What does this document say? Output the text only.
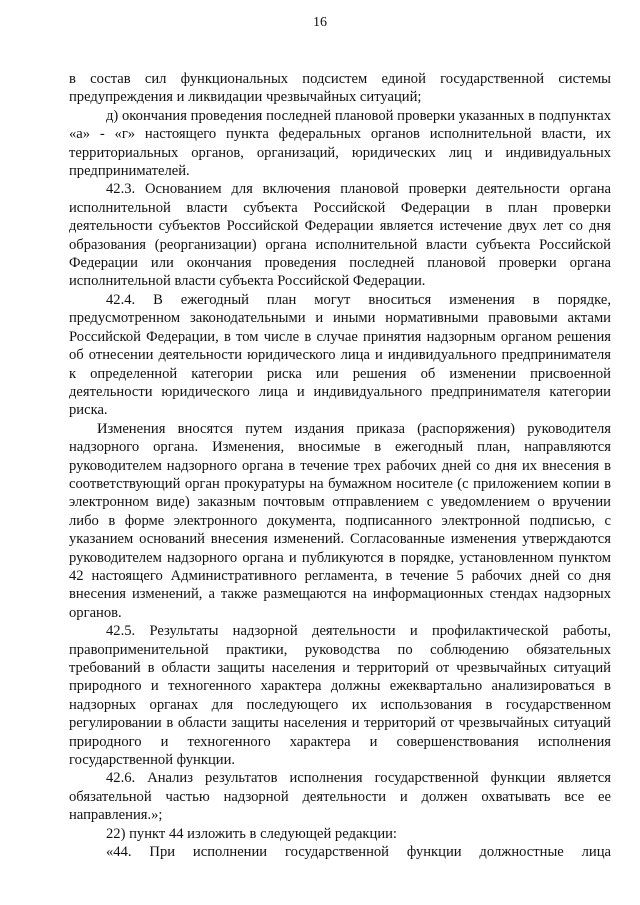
16

в состав сил функциональных подсистем единой государственной системы предупреждения и ликвидации чрезвычайных ситуаций;

д) окончания проведения последней плановой проверки указанных в подпунктах «а» - «г» настоящего пункта федеральных органов исполнительной власти, их территориальных органов, организаций, юридических лиц и индивидуальных предпринимателей.

42.3. Основанием для включения плановой проверки деятельности органа исполнительной власти субъекта Российской Федерации в план проверки деятельности субъектов Российской Федерации является истечение двух лет со дня образования (реорганизации) органа исполнительной власти субъекта Российской Федерации или окончания проведения последней плановой проверки органа исполнительной власти субъекта Российской Федерации.

42.4. В ежегодный план могут вноситься изменения в порядке, предусмотренном законодательными и иными нормативными правовыми актами Российской Федерации, в том числе в случае принятия надзорным органом решения об отнесении деятельности юридического лица и индивидуального предпринимателя к определенной категории риска или решения об изменении присвоенной деятельности юридического лица и индивидуального предпринимателя категории риска.

Изменения вносятся путем издания приказа (распоряжения) руководителя надзорного органа. Изменения, вносимые в ежегодный план, направляются руководителем надзорного органа в течение трех рабочих дней со дня их внесения в соответствующий орган прокуратуры на бумажном носителе (с приложением копии в электронном виде) заказным почтовым отправлением с уведомлением о вручении либо в форме электронного документа, подписанного электронной подписью, с указанием оснований внесения изменений. Согласованные изменения утверждаются руководителем надзорного органа и публикуются в порядке, установленном пунктом 42 настоящего Административного регламента, в течение 5 рабочих дней со дня внесения изменений, а также размещаются на информационных стендах надзорных органов.

42.5. Результаты надзорной деятельности и профилактической работы, правоприменительной практики, руководства по соблюдению обязательных требований в области защиты населения и территорий от чрезвычайных ситуаций природного и техногенного характера должны ежеквартально анализироваться в надзорных органах для последующего их использования в государственном регулировании в области защиты населения и территорий от чрезвычайных ситуаций природного и техногенного характера и совершенствования исполнения государственной функции.

42.6. Анализ результатов исполнения государственной функции является обязательной частью надзорной деятельности и должен охватывать все ее направления.»;

22) пункт 44 изложить в следующей редакции:

«44. При исполнении государственной функции должностные лица
